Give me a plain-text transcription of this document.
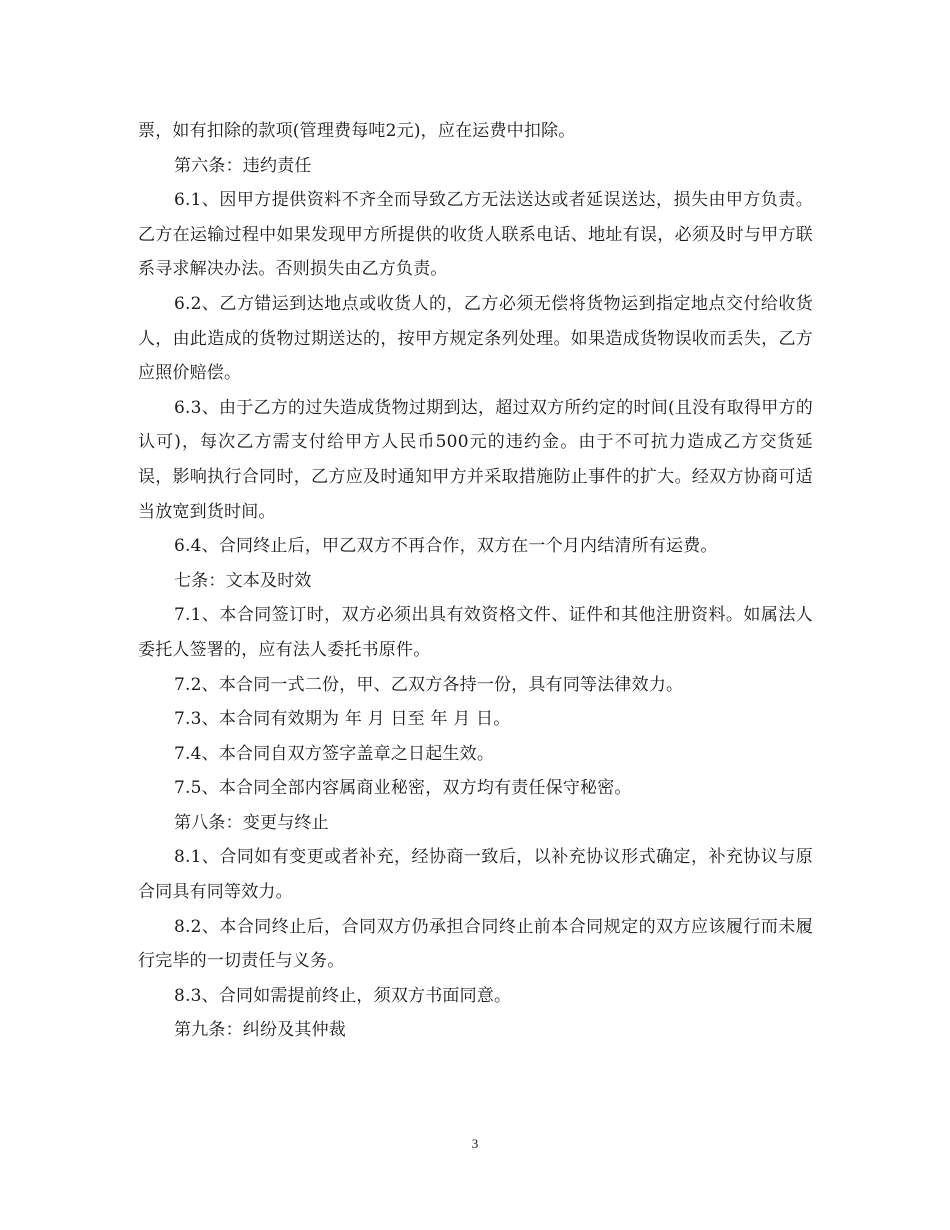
票，如有扣除的款项(管理费每吨2元)，应在运费中扣除。

第六条：违约责任

6.1、因甲方提供资料不齐全而导致乙方无法送达或者延误送达，损失由甲方负责。乙方在运输过程中如果发现甲方所提供的收货人联系电话、地址有误，必须及时与甲方联系寻求解决办法。否则损失由乙方负责。

6.2、乙方错运到达地点或收货人的，乙方必须无偿将货物运到指定地点交付给收货人，由此造成的货物过期送达的，按甲方规定条列处理。如果造成货物误收而丢失，乙方应照价赔偿。

6.3、由于乙方的过失造成货物过期到达，超过双方所约定的时间(且没有取得甲方的认可)，每次乙方需支付给甲方人民币500元的违约金。由于不可抗力造成乙方交货延误，影响执行合同时，乙方应及时通知甲方并采取措施防止事件的扩大。经双方协商可适当放宽到货时间。

6.4、合同终止后，甲乙双方不再合作，双方在一个月内结清所有运费。

七条：文本及时效

7.1、本合同签订时，双方必须出具有效资格文件、证件和其他注册资料。如属法人委托人签署的，应有法人委托书原件。

7.2、本合同一式二份，甲、乙双方各持一份，具有同等法律效力。

7.3、本合同有效期为 年 月 日至 年 月 日。

7.4、本合同自双方签字盖章之日起生效。

7.5、本合同全部内容属商业秘密，双方均有责任保守秘密。

第八条：变更与终止

8.1、合同如有变更或者补充，经协商一致后，以补充协议形式确定，补充协议与原合同具有同等效力。

8.2、本合同终止后，合同双方仍承担合同终止前本合同规定的双方应该履行而未履行完毕的一切责任与义务。

8.3、合同如需提前终止，须双方书面同意。

第九条：纠纷及其仲裁

3
